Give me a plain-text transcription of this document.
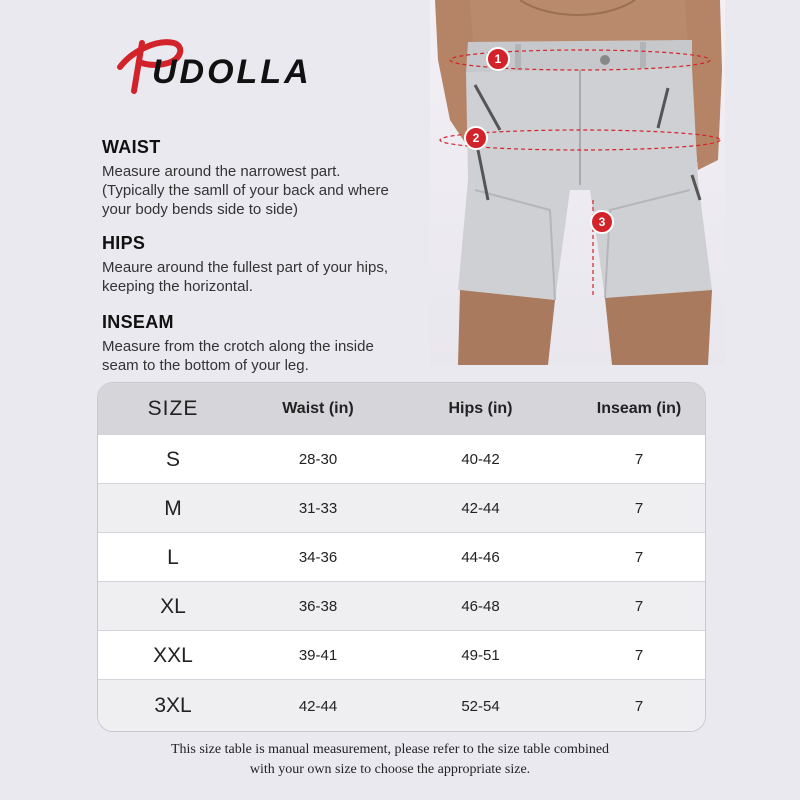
UDOLLA
WAIST

Measure around the narrowest part.
(Typically the samll of your back and where
your body bends side to side)

HIPS

Meaure around the fullest part of your hips,
keeping the horizontal.

INSEAM

Measure from the crotch along the inside
seam to the bottom of your leg.

1
2
3
SIZE	Waist (in)	Hips (in)	Inseam (in)
S	28-30	40-42	7
M	31-33	42-44	7
L	34-36	44-46	7
XL	36-38	46-48	7
XXL	39-41	49-51	7
3XL	42-44	52-54	7
This size table is manual measurement, please refer to the size table combined
with your own size to choose the appropriate size.
